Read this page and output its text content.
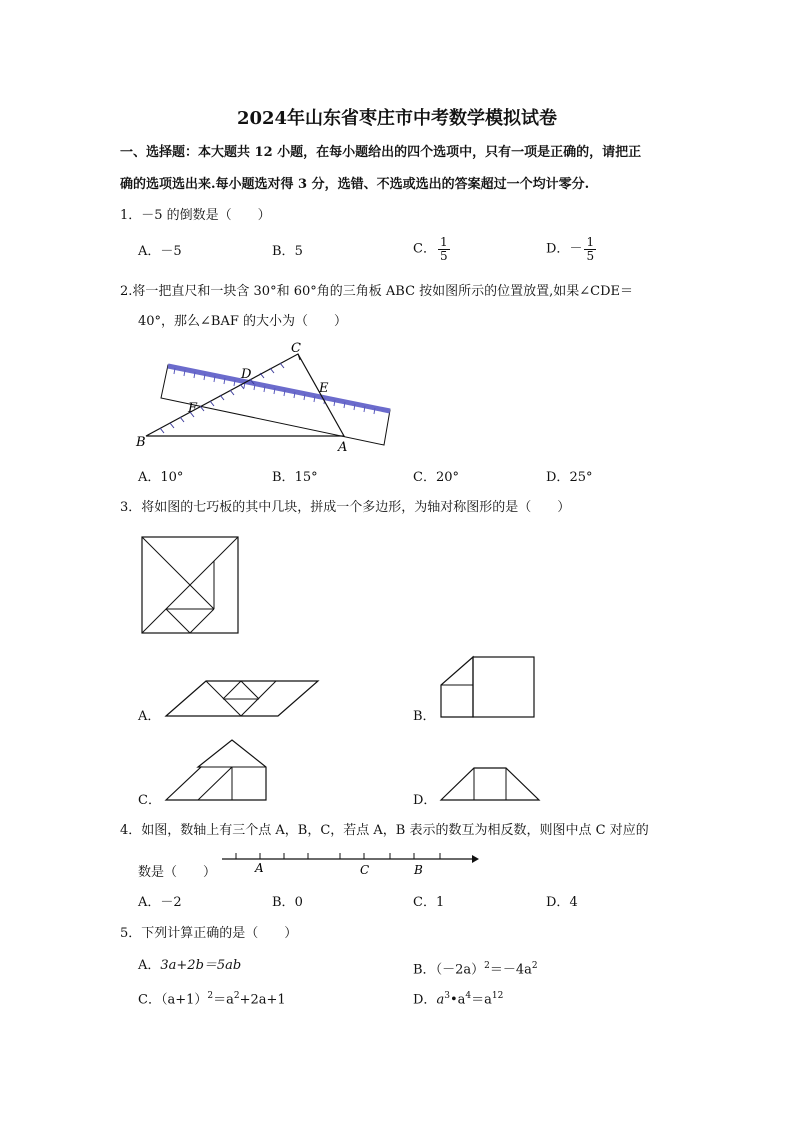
2024年山东省枣庄市中考数学模拟试卷
一、选择题：本大题共 12 小题，在每小题给出的四个选项中，只有一项是正确的，请把正
确的选项选出来.每小题选对得 3 分，选错、不选或选出的答案超过一个均计零分.
1．－5 的倒数是（　　）
A．－5	B．5	C． $\frac{1}{5}$	D．－ $\frac{1}{5}$
2.将一把直尺和一块含 30°和 60°角的三角板 ABC 按如图所示的位置放置,如果∠CDE＝
40°，那么∠BAF 的大小为（　　）
C
D
E
F
B	A
A．10°	B．15°	C．20°	D．25°
3．将如图的七巧板的其中几块，拼成一个多边形，为轴对称图形的是（　　）
A．	B．
C．	D．
4．如图，数轴上有三个点 A，B，C，若点 A，B 表示的数互为相反数，则图中点 C 对应的
数是（　　）	A	C	B
A．－2	B．0	C．1	D．4
5．下列计算正确的是（　　）
A．3a+2b＝5ab	B．$(-2a)^2=-4a^2$
C．$(a+1)^2=a^2+2a+1$	D．$a^3•a^4=a^{12}$
